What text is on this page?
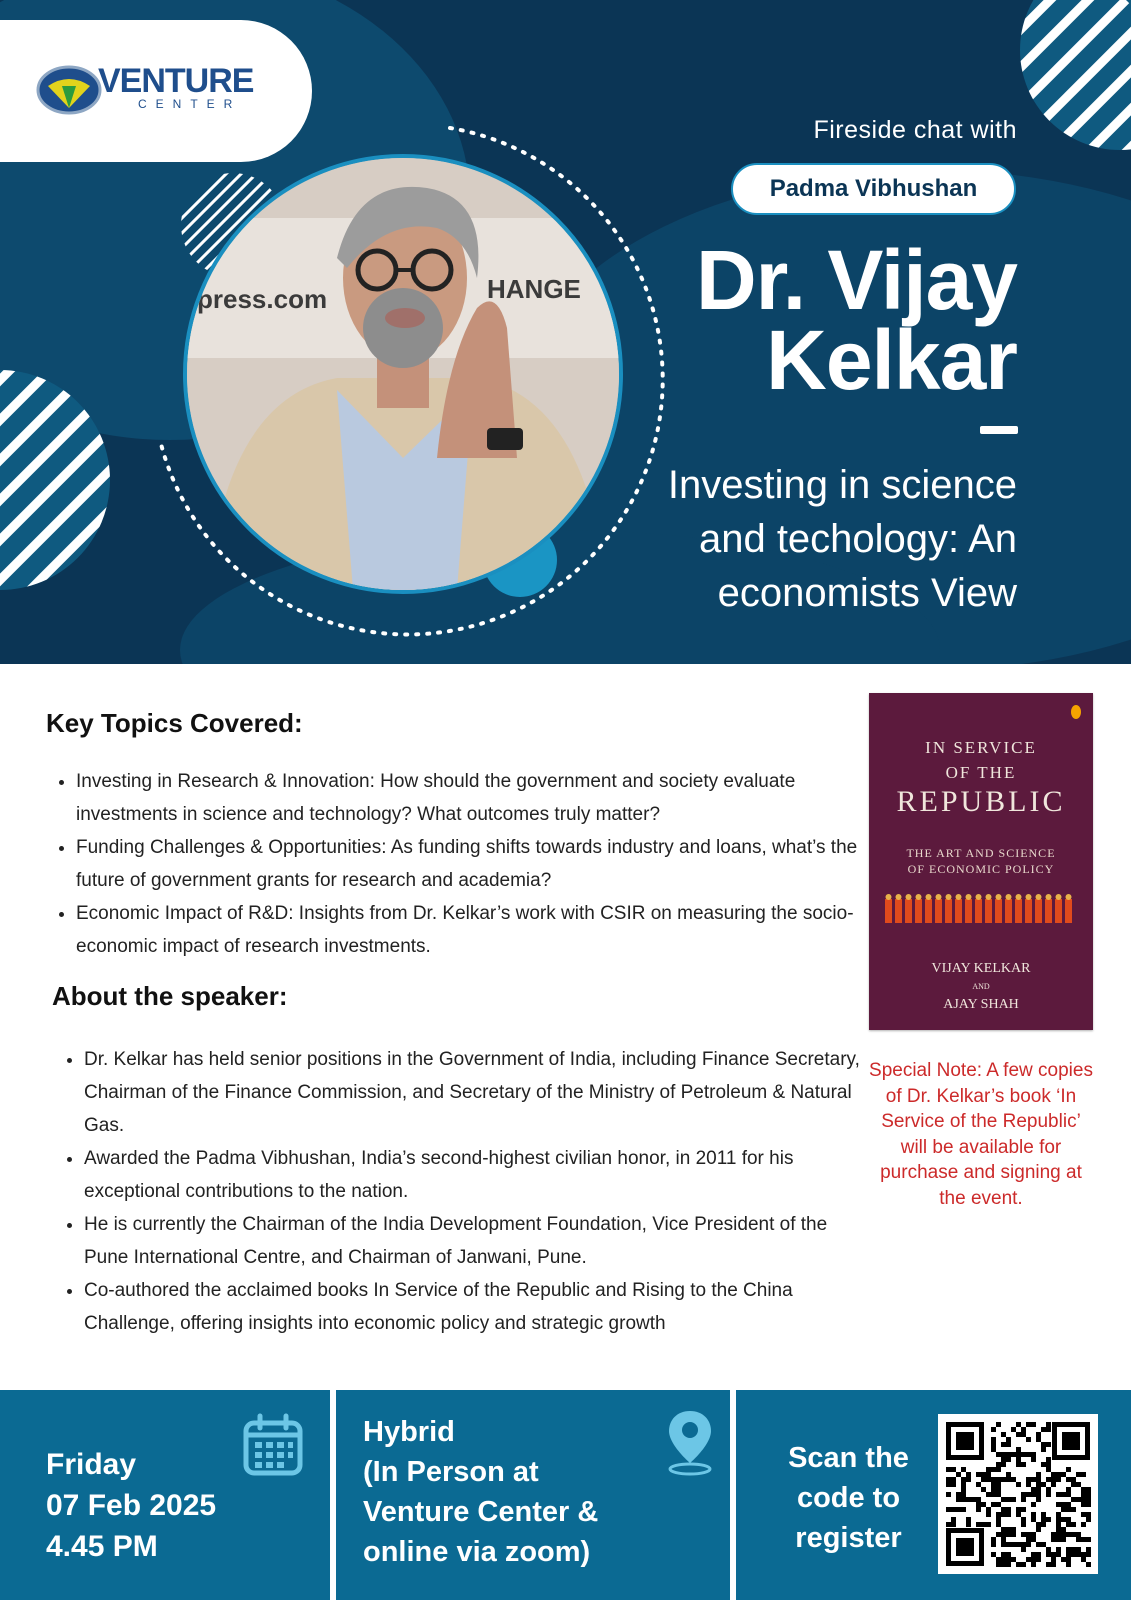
VENTURE
CENTER
press.com	HANGE
Fireside chat with
Padma Vibhushan
Dr. Vijay
Kelkar
Investing in science
and techology: An
economists View
Key Topics Covered:
• Investing in Research & Innovation: How should the government and society evaluate investments in science and technology? What outcomes truly matter?
• Funding Challenges & Opportunities: As funding shifts towards industry and loans, what’s the future of government grants for research and academia?
• Economic Impact of R&D: Insights from Dr. Kelkar’s work with CSIR on measuring the socio-economic impact of research investments.
About the speaker:
• Dr. Kelkar has held senior positions in the Government of India, including Finance Secretary, Chairman of the Finance Commission, and Secretary of the Ministry of Petroleum & Natural Gas.
• Awarded the Padma Vibhushan, India’s second-highest civilian honor, in 2011 for his exceptional contributions to the nation.
• He is currently the Chairman of the India Development Foundation, Vice President of the Pune International Centre, and Chairman of Janwani, Pune.
• Co-authored the acclaimed books In Service of the Republic and Rising to the China Challenge, offering insights into economic policy and strategic growth
IN SERVICE
OF THE
REPUBLIC
THE ART AND SCIENCE
OF ECONOMIC POLICY
VIJAY KELKAR
AND
AJAY SHAH
Special Note: A few copies of Dr. Kelkar’s book ‘In Service of the Republic’ will be available for purchase and signing at the event.
Friday
07 Feb 2025
4.45 PM
Hybrid
(In Person at
Venture Center &
online via zoom)
Scan the
code to
register
